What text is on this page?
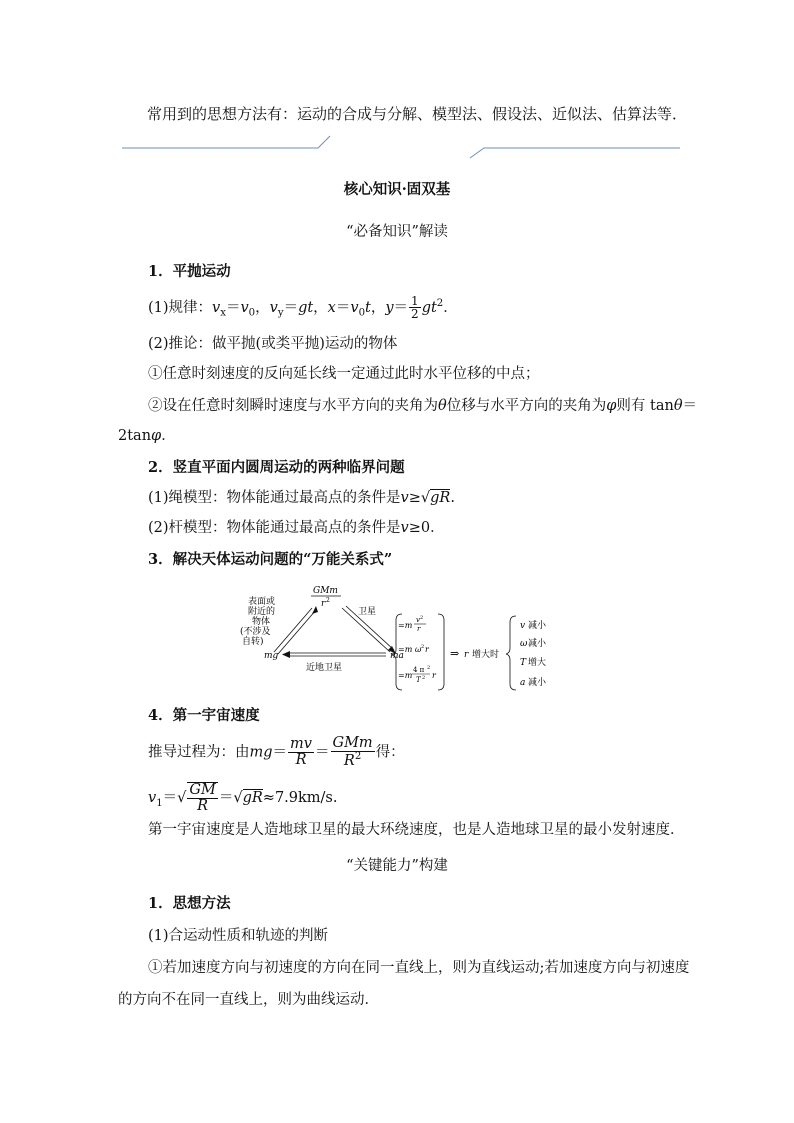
常用到的思想方法有：运动的合成与分解、模型法、假设法、近似法、估算法等．
核心知识·固双基
“必备知识”解读
1．平抛运动
(1)规律：$v_x=v_0$，$v_y=gt$，$x=v_0t$，$y= \frac{1}{2} gt^2$．
(2)推论：做平抛(或类平抛)运动的物体
①任意时刻速度的反向延长线一定通过此时水平位移的中点；
②设在任意时刻瞬时速度与水平方向的夹角为θ位移与水平方向的夹角为φ则有 tanθ＝
2tanφ．
2．竖直平面内圆周运动的两种临界问题
(1)绳模型：物体能通过最高点的条件是v≥√gR.
(2)杆模型：物体能通过最高点的条件是v≥0．
3．解决天体运动问题的“万能关系式”
表面或
附近的
物体
(不涉及
自转)
GMm
r 2
卫星
mg	ma
近地卫星
=m
v 2
r
=m ω 2 r
=m
4 π 2
T 2 r
⇒ r 增大时
v 减小
ω 减小
T 增大
a 减小
4．第一宇宙速度
推导过程为：由$mg= \frac{mv}{R} = \frac{\text{GMm}}{R^2}$ 得：
$v_1=√ \frac{GM}{R} =√gR\approx 7.9km/s$.
第一宇宙速度是人造地球卫星的最大环绕速度，也是人造地球卫星的最小发射速度．
“关键能力”构建
1．思想方法
(1)合运动性质和轨迹的判断
①若加速度方向与初速度的方向在同一直线上，则为直线运动;若加速度方向与初速度
的方向不在同一直线上，则为曲线运动．
